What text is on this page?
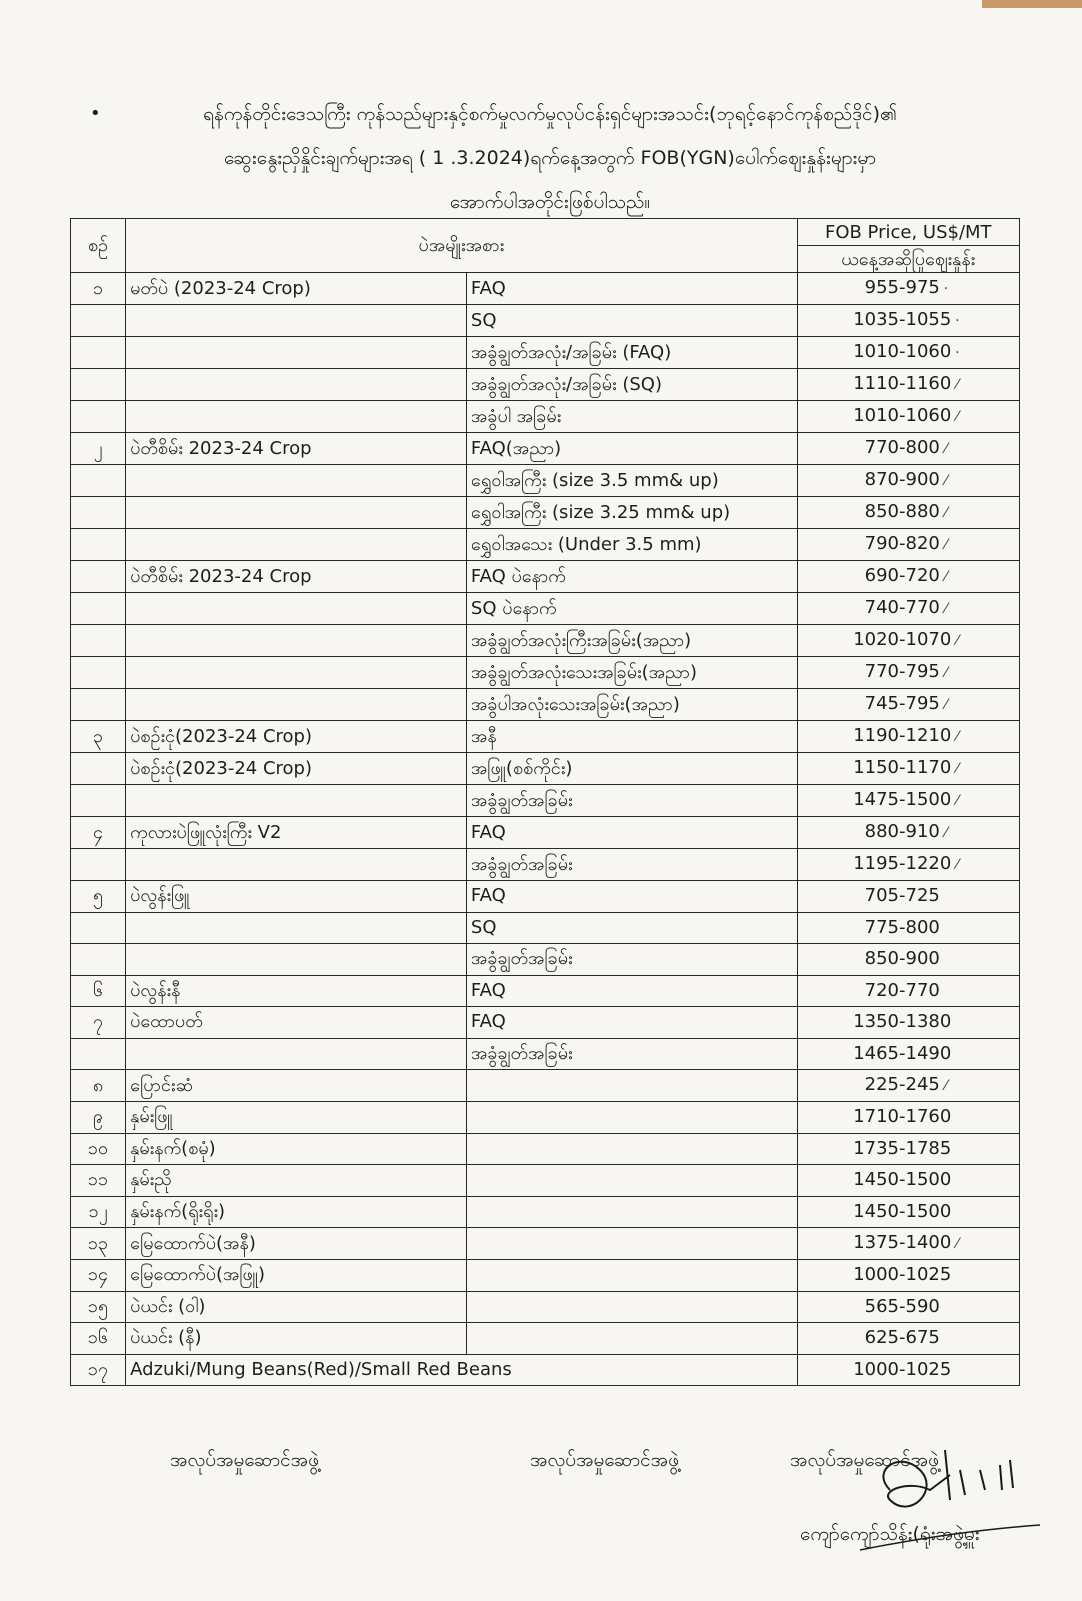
•	ရန်ကုန်တိုင်းဒေသကြီး ကုန်သည်များနှင့်စက်မှုလက်မှုလုပ်ငန်းရှင်များအသင်း(ဘုရင့်နောင်ကုန်စည်ဒိုင်)၏
ဆွေးနွေးညှိနှိုင်းချက်များအရ ( 1 .3.2024)ရက်နေ့အတွက် FOB(YGN)ပေါက်ဈေးနှုန်းများမှာ
အောက်ပါအတိုင်းဖြစ်ပါသည်။
စဉ်	ပဲအမျိုးအစား		FOB Price, US$/MT
			ယနေ့အဆိုပြုဈေးနှုန်း
၁	မတ်ပဲ (2023-24 Crop)	FAQ	955-975 ·
		SQ	1035-1055 ·
		အခွံချွတ်အလုံး/အခြမ်း (FAQ)	1010-1060 ·
		အခွံချွတ်အလုံး/အခြမ်း (SQ)	1110-1160 ⁄
		အခွံပါ အခြမ်း	1010-1060 ⁄
၂	ပဲတီစိမ်း 2023-24 Crop	FAQ(အညာ)	770-800 ⁄
		ရွှေဝါအကြီး (size 3.5 mm& up)	870-900 ⁄
		ရွှေဝါအကြီး (size 3.25 mm& up)	850-880 ⁄
		ရွှေဝါအသေး (Under 3.5 mm)	790-820 ⁄
	ပဲတီစိမ်း 2023-24 Crop	FAQ ပဲနောက်	690-720 ⁄
		SQ ပဲနောက်	740-770 ⁄
		အခွံချွတ်အလုံးကြီးအခြမ်း(အညာ)	1020-1070 ⁄
		အခွံချွတ်အလုံးသေးအခြမ်း(အညာ)	770-795 ⁄
		အခွံပါအလုံးသေးအခြမ်း(အညာ)	745-795 ⁄
၃	ပဲစဉ်းငုံ(2023-24 Crop)	အနီ	1190-1210 ⁄
	ပဲစဉ်းငုံ(2023-24 Crop)	အဖြူ(စစ်ကိုင်း)	1150-1170 ⁄
		အခွံချွတ်အခြမ်း	1475-1500 ⁄
၄	ကုလားပဲဖြူလုံးကြီး V2	FAQ	880-910 ⁄
		အခွံချွတ်အခြမ်း	1195-1220 ⁄
၅	ပဲလွန်းဖြူ	FAQ	705-725
		SQ	775-800
		အခွံချွတ်အခြမ်း	850-900
၆	ပဲလွန်းနီ	FAQ	720-770
၇	ပဲထောပတ်	FAQ	1350-1380
		အခွံချွတ်အခြမ်း	1465-1490
၈	ပြောင်းဆံ		225-245 ⁄
၉	နှမ်းဖြူ		1710-1760
၁၀	နှမ်းနက်(စမုံ)		1735-1785
၁၁	နှမ်းညို		1450-1500
၁၂	နှမ်းနက်(ရိုးရိုး)		1450-1500
၁၃	မြေထောက်ပဲ(အနီ)		1375-1400 ⁄
၁၄	မြေထောက်ပဲ(အဖြူ)		1000-1025
၁၅	ပဲယင်း (ဝါ)		565-590
၁၆	ပဲယင်း (နီ)		625-675
၁၇	Adzuki/Mung Beans(Red)/Small Red Beans		1000-1025
အလုပ်အမှုဆောင်အဖွဲ့	အလုပ်အမှုဆောင်အဖွဲ့	အလုပ်အမှုဆောင်အဖွဲ့
ကျော်ကျော်သိန်း(ရုံးအဖွဲ့မှူး
